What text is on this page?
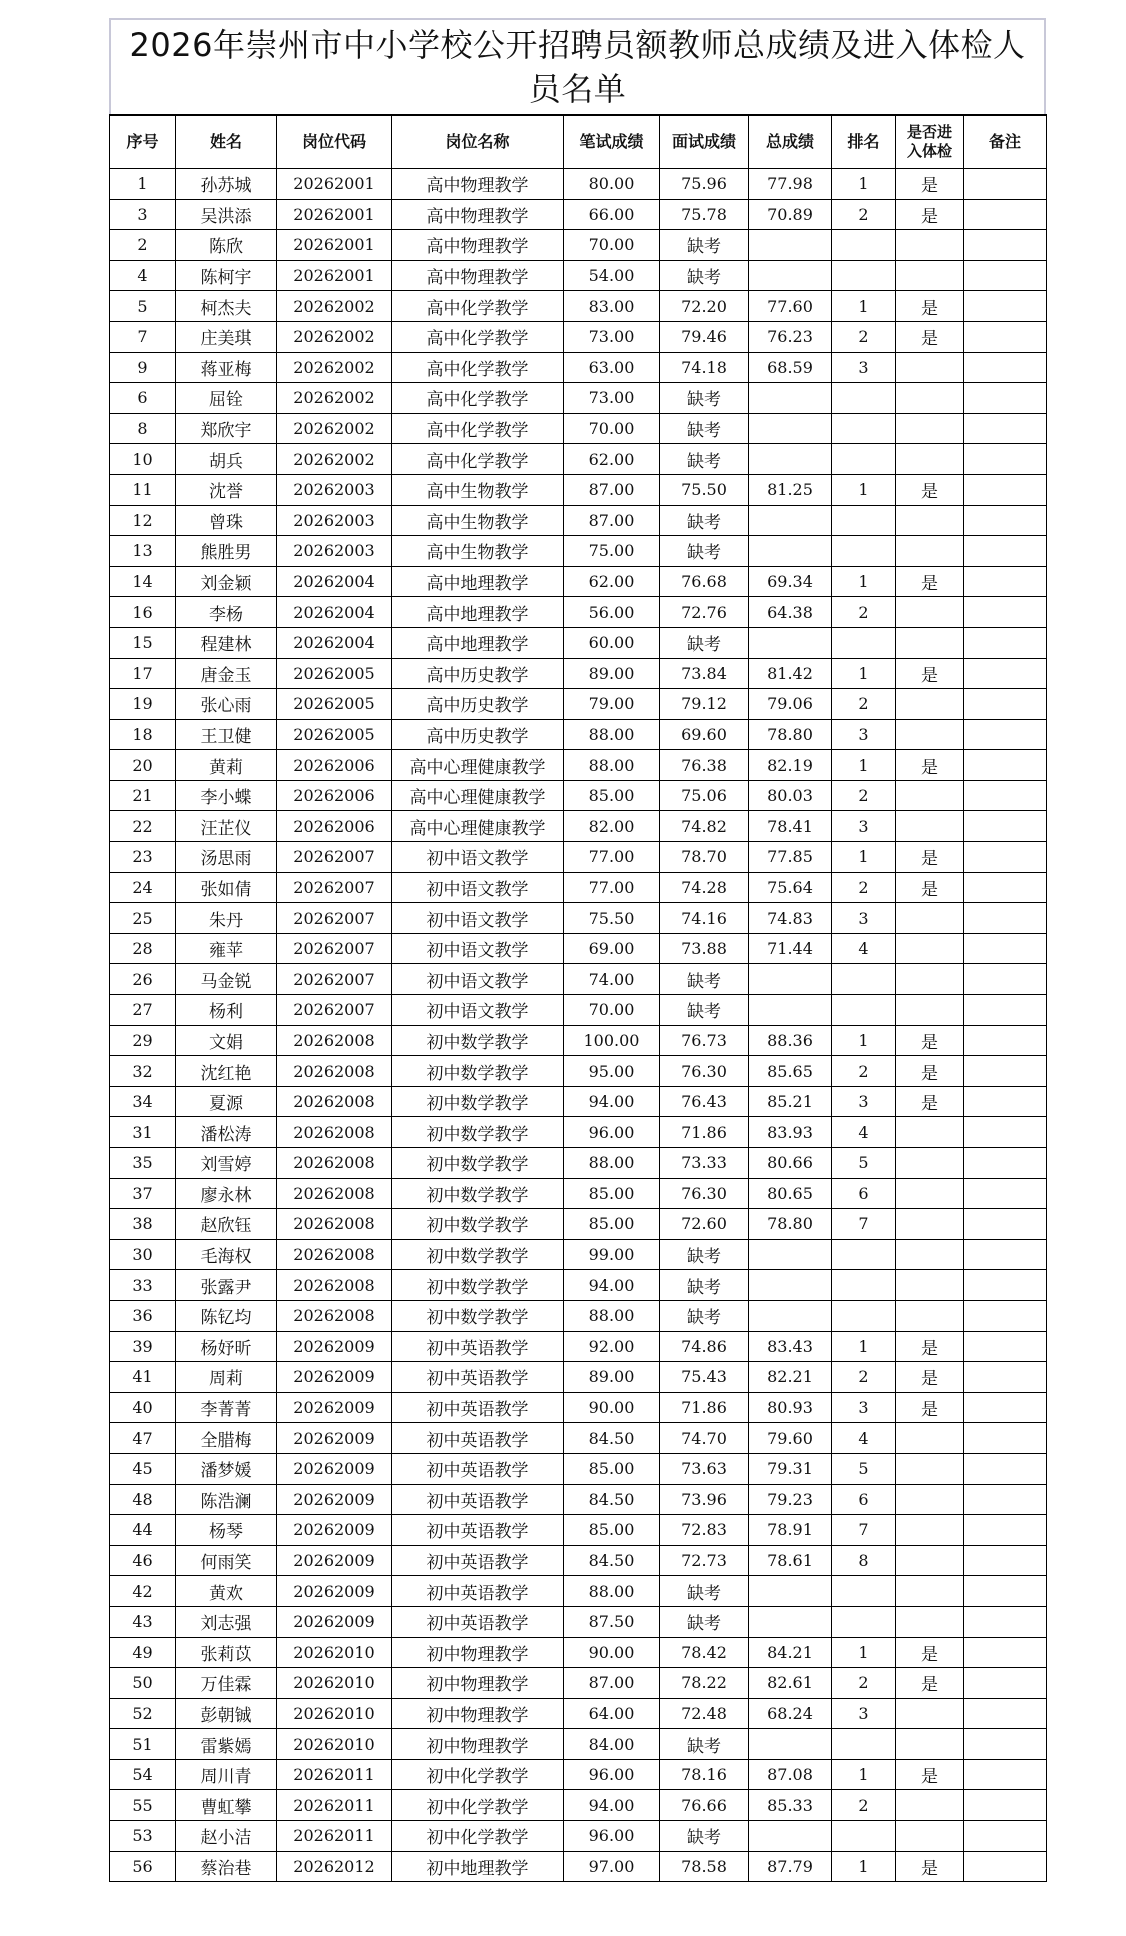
2026年崇州市中小学校公开招聘员额教师总成绩及进入体检人员名单
序号	姓名	岗位代码	岗位名称	笔试成绩	面试成绩	总成绩	排名	是否进入体检	备注
1	孙苏城	20262001	高中物理教学	80.00	75.96	77.98	1	是	
3	吴洪添	20262001	高中物理教学	66.00	75.78	70.89	2	是	
2	陈欣	20262001	高中物理教学	70.00	缺考				
4	陈柯宇	20262001	高中物理教学	54.00	缺考				
5	柯杰夫	20262002	高中化学教学	83.00	72.20	77.60	1	是	
7	庄美琪	20262002	高中化学教学	73.00	79.46	76.23	2	是	
9	蒋亚梅	20262002	高中化学教学	63.00	74.18	68.59	3		
6	屈铨	20262002	高中化学教学	73.00	缺考				
8	郑欣宇	20262002	高中化学教学	70.00	缺考				
10	胡兵	20262002	高中化学教学	62.00	缺考				
11	沈誉	20262003	高中生物教学	87.00	75.50	81.25	1	是	
12	曾珠	20262003	高中生物教学	87.00	缺考				
13	熊胜男	20262003	高中生物教学	75.00	缺考				
14	刘金颖	20262004	高中地理教学	62.00	76.68	69.34	1	是	
16	李杨	20262004	高中地理教学	56.00	72.76	64.38	2		
15	程建林	20262004	高中地理教学	60.00	缺考				
17	唐金玉	20262005	高中历史教学	89.00	73.84	81.42	1	是	
19	张心雨	20262005	高中历史教学	79.00	79.12	79.06	2		
18	王卫健	20262005	高中历史教学	88.00	69.60	78.80	3		
20	黄莉	20262006	高中心理健康教学	88.00	76.38	82.19	1	是	
21	李小蝶	20262006	高中心理健康教学	85.00	75.06	80.03	2		
22	汪芷仪	20262006	高中心理健康教学	82.00	74.82	78.41	3		
23	汤思雨	20262007	初中语文教学	77.00	78.70	77.85	1	是	
24	张如倩	20262007	初中语文教学	77.00	74.28	75.64	2	是	
25	朱丹	20262007	初中语文教学	75.50	74.16	74.83	3		
28	雍苹	20262007	初中语文教学	69.00	73.88	71.44	4		
26	马金锐	20262007	初中语文教学	74.00	缺考				
27	杨利	20262007	初中语文教学	70.00	缺考				
29	文娟	20262008	初中数学教学	100.00	76.73	88.36	1	是	
32	沈红艳	20262008	初中数学教学	95.00	76.30	85.65	2	是	
34	夏源	20262008	初中数学教学	94.00	76.43	85.21	3	是	
31	潘松涛	20262008	初中数学教学	96.00	71.86	83.93	4		
35	刘雪婷	20262008	初中数学教学	88.00	73.33	80.66	5		
37	廖永林	20262008	初中数学教学	85.00	76.30	80.65	6		
38	赵欣钰	20262008	初中数学教学	85.00	72.60	78.80	7		
30	毛海权	20262008	初中数学教学	99.00	缺考				
33	张露尹	20262008	初中数学教学	94.00	缺考				
36	陈钇均	20262008	初中数学教学	88.00	缺考				
39	杨妤昕	20262009	初中英语教学	92.00	74.86	83.43	1	是	
41	周莉	20262009	初中英语教学	89.00	75.43	82.21	2	是	
40	李菁菁	20262009	初中英语教学	90.00	71.86	80.93	3	是	
47	全腊梅	20262009	初中英语教学	84.50	74.70	79.60	4		
45	潘梦媛	20262009	初中英语教学	85.00	73.63	79.31	5		
48	陈浩澜	20262009	初中英语教学	84.50	73.96	79.23	6		
44	杨琴	20262009	初中英语教学	85.00	72.83	78.91	7		
46	何雨笑	20262009	初中英语教学	84.50	72.73	78.61	8		
42	黄欢	20262009	初中英语教学	88.00	缺考				
43	刘志强	20262009	初中英语教学	87.50	缺考				
49	张莉苡	20262010	初中物理教学	90.00	78.42	84.21	1	是	
50	万佳霖	20262010	初中物理教学	87.00	78.22	82.61	2	是	
52	彭朝铖	20262010	初中物理教学	64.00	72.48	68.24	3		
51	雷紫嫣	20262010	初中物理教学	84.00	缺考				
54	周川青	20262011	初中化学教学	96.00	78.16	87.08	1	是	
55	曹虹攀	20262011	初中化学教学	94.00	76.66	85.33	2		
53	赵小洁	20262011	初中化学教学	96.00	缺考				
56	蔡治巷	20262012	初中地理教学	97.00	78.58	87.79	1	是	
